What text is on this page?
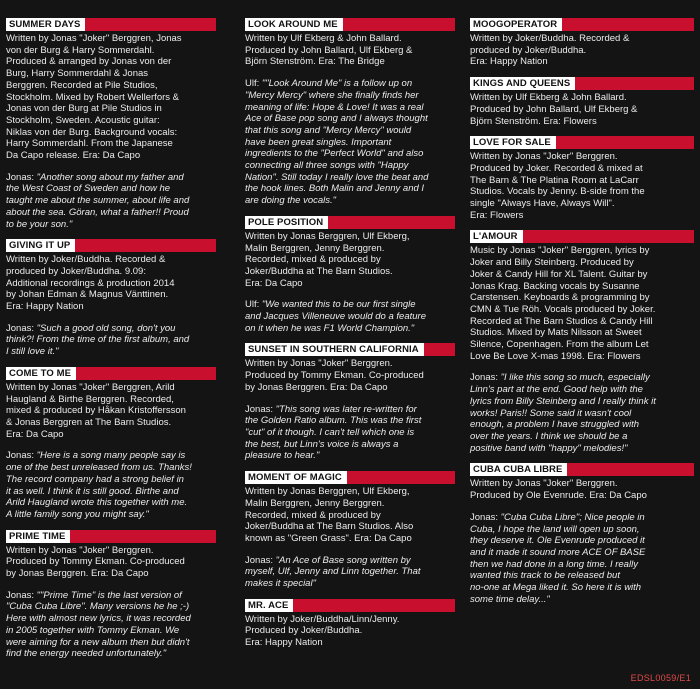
SUMMER DAYS

Written by Jonas "Joker" Berggren, Jonas
von der Burg & Harry Sommerdahl.
Produced & arranged by Jonas von der
Burg, Harry Sommerdahl & Jonas
Berggren. Recorded at Pile Studios,
Stockholm. Mixed by Robert Wellerfors &
Jonas von der Burg at Pile Studios in
Stockholm, Sweden. Acoustic guitar:
Niklas von der Burg. Background vocals:
Harry Sommerdahl. From the Japanese
Da Capo release. Era: Da Capo

Jonas: "Another song about my father and
the West Coast of Sweden and how he
taught me about the summer, about life and
about the sea. Göran, what a father!! Proud
to be your son."

GIVING IT UP

Written by Joker/Buddha. Recorded &
produced by Joker/Buddha. 9.09:
Additional recordings & production 2014
by Johan Edman & Magnus Vänttinen.
Era: Happy Nation

Jonas: "Such a good old song, don't you
think?! From the time of the first album, and
I still love it."

COME TO ME

Written by Jonas "Joker" Berggren, Arild
Haugland & Birthe Berggren. Recorded,
mixed & produced by Håkan Kristoffersson
& Jonas Berggren at The Barn Studios.
Era: Da Capo

Jonas: "Here is a song many people say is
one of the best unreleased from us. Thanks!
The record company had a strong belief in
it as well. I think it is still good. Birthe and
Arild Haugland wrote this together with me.
A little family song you might say."

PRIME TIME

Written by Jonas "Joker" Berggren.
Produced by Tommy Ekman. Co-produced
by Jonas Berggren. Era: Da Capo

Jonas: ""Prime Time" is the last version of
"Cuba Cuba Libre". Many versions he he ;-)
Here with almost new lyrics, it was recorded
in 2005 together with Tommy Ekman. We
were aiming for a new album then but didn't
find the energy needed unfortunately."

LOOK AROUND ME

Written by Ulf Ekberg & John Ballard.
Produced by John Ballard, Ulf Ekberg &
Björn Stenström. Era: The Bridge

Ulf: ""Look Around Me" is a follow up on
"Mercy Mercy" where she finally finds her
meaning of life: Hope & Love! It was a real
Ace of Base pop song and I always thought
that this song and "Mercy Mercy" would
have been great singles. Important
ingredients to the "Perfect World" and also
connecting all three songs with "Happy
Nation". Still today I really love the beat and
the hook lines. Both Malin and Jenny and I
are doing the vocals."

POLE POSITION

Written by Jonas Berggren, Ulf Ekberg,
Malin Berggren, Jenny Berggren.
Recorded, mixed & produced by
Joker/Buddha at The Barn Studios.
Era: Da Capo

Ulf: "We wanted this to be our first single
and Jacques Villeneuve would do a feature
on it when he was F1 World Champion."

SUNSET IN SOUTHERN CALIFORNIA

Written by Jonas "Joker" Berggren.
Produced by Tommy Ekman. Co-produced
by Jonas Berggren. Era: Da Capo

Jonas: "This song was later re-written for
the Golden Ratio album. This was the first
"cut" of it though. I can't tell which one is
the best, but Linn's voice is always a
pleasure to hear."

MOMENT OF MAGIC

Written by Jonas Berggren, Ulf Ekberg,
Malin Berggren, Jenny Berggren.
Recorded, mixed & produced by
Joker/Buddha at The Barn Studios. Also
known as "Green Grass". Era: Da Capo

Jonas: "An Ace of Base song written by
myself, Ulf, Jenny and Linn together. That
makes it special"

MR. ACE

Written by Joker/Buddha/Linn/Jenny.
Produced by Joker/Buddha.
Era: Happy Nation

MOOGOPERATOR

Written by Joker/Buddha. Recorded &
produced by Joker/Buddha.
Era: Happy Nation

KINGS AND QUEENS

Written by Ulf Ekberg & John Ballard.
Produced by John Ballard, Ulf Ekberg &
Björn Stenström. Era: Flowers

LOVE FOR SALE

Written by Jonas "Joker" Berggren.
Produced by Joker. Recorded & mixed at
The Barn & The Platina Room at LaCarr
Studios. Vocals by Jenny. B-side from the
single "Always Have, Always Will".
Era: Flowers

L'AMOUR

Music by Jonas "Joker" Berggren, lyrics by
Joker and Billy Steinberg. Produced by
Joker & Candy Hill for XL Talent. Guitar by
Jonas Krag. Backing vocals by Susanne
Carstensen. Keyboards & programming by
CMN & Tue Röh. Vocals produced by Joker.
Recorded at The Barn Studios & Candy Hill
Studios. Mixed by Mats Nilsson at Sweet
Silence, Copenhagen. From the album Let
Love Be Love X-mas 1998. Era: Flowers

Jonas: "I like this song so much, especially
Linn's part at the end. Good help with the
lyrics from Billy Steinberg and I really think it
works! Paris!! Some said it wasn't cool
enough, a problem I have struggled with
over the years. I think we should be a
positive band with "happy" melodies!"

CUBA CUBA LIBRE

Written by Jonas "Joker" Berggren.
Produced by Ole Evenrude. Era: Da Capo

Jonas: "Cuba Cuba Libre"; Nice people in
Cuba, I hope the land will open up soon,
they deserve it. Ole Evenrude produced it
and it made it sound more ACE OF BASE
then we had done in a long time. I really
wanted this track to be released but
no-one at Mega liked it. So here it is with
some time delay..."

EDSL0059/E1
